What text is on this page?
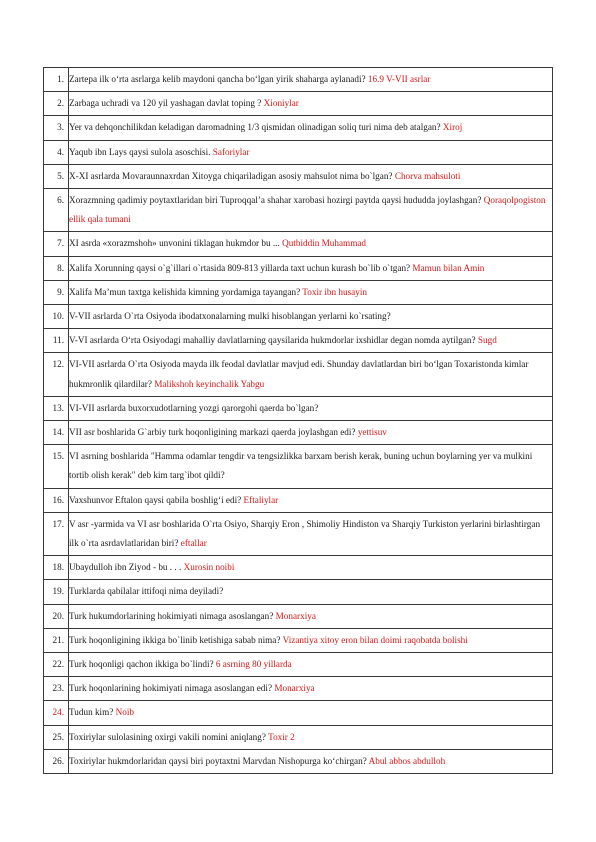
1.	Zartepa ilk o‘rta asrlarga kelib maydoni qancha bo‘lgan yirik shaharga aylanadi? 16.9 V-VII asrlar
2.	Zarbaga uchradi va 120 yil yashagan davlat toping ? Xioniylar
3.	Yer va dehqonchilikdan keladigan daromadning 1/3 qismidan olinadigan soliq turi nima deb atalgan? Xiroj
4.	Yaqub ibn Lays qaysi sulola asoschisi. Saforiylar
5.	X-XI asrlarda Movaraunnaxrdan Xitoyga chiqariladigan asosiy mahsulot nima bo`lgan? Chorva mahsuloti
6.	Xorazmning qadimiy poytaxtlaridan biri Tuproqqal’a shahar xarobasi hozirgi paytda qaysi hududda joylashgan? Qoraqolpogiston ellik qala tumani
7.	XI asrda «xorazmshoh» unvonini tiklagan hukmdor bu ... Qutbiddin Muhammad
8.	Xalifa Xorunning qaysi o`g`illari o`rtasida 809-813 yillarda taxt uchun kurash bo`lib o`tgan? Mamun bilan Amin
9.	Xalifa Ma’mun taxtga kelishida kimning yordamiga tayangan? Toxir ibn husayin
10.	V-VII asrlarda O`rta Osiyoda ibodatxonalarning mulki hisoblangan yerlarni ko`rsating?
11.	V-VI asrlarda O‘rta Osiyodagi mahalliy davlatlarning qaysilarida hukmdorlar ixshidlar degan nomda aytilgan? Sugd
12.	VI-VII asrlarda O`rta Osiyoda mayda ilk feodal davlatlar mavjud edi. Shunday davlatlardan biri bo‘lgan Toxaristonda kimlar hukmronlik qilardilar? Malikshoh keyinchalik Yabgu
13.	VI-VII asrlarda buxorxudotlarning yozgi qarorgohi qaerda bo`lgan?
14.	VII asr boshlarida G`arbiy turk hoqonligining markazi qaerda joylashgan edi? yettisuv
15.	VI asrning boshlarida "Hamma odamlar tengdir va tengsizlikka barxam berish kerak, buning uchun boylarning yer va mulkini tortib olish kerak" deb kim targ`ibot qildi?
16.	Vaxshunvor Eftalon qaysi qabila boshlig‘i edi? Eftaliylar
17.	V asr -yarmida va VI asr boshlarida O`rta Osiyo, Sharqiy Eron , Shimoliy Hindiston va Sharqiy Turkiston yerlarini birlashtirgan ilk o`rta asrdavlatlaridan biri? eftallar
18.	Ubaydulloh ibn Ziyod - bu . . . Xurosin noibi
19.	Turklarda qabilalar ittifoqi nima deyiladi?
20.	Turk hukumdorlarining hokimiyati nimaga asoslangan? Monarxiya
21.	Turk hoqonligining ikkiga bo`linib ketishiga sabab nima? Vizantiya xitoy eron bilan doimi raqobatda bolishi
22.	Turk hoqonligi qachon ikkiga bo`lindi? 6 asrning 80 yillarda
23.	Turk hoqonlarining hokimiyati nimaga asoslangan edi? Monarxiya
24.	Tudun kim? Noib
25.	Toxiriylar sulolasining oxirgi vakili nomini aniqlang? Toxir 2
26.	Toxiriylar hukmdorlaridan qaysi biri poytaxtni Marvdan Nishopurga ko‘chirgan? Abul abbos abdulloh
